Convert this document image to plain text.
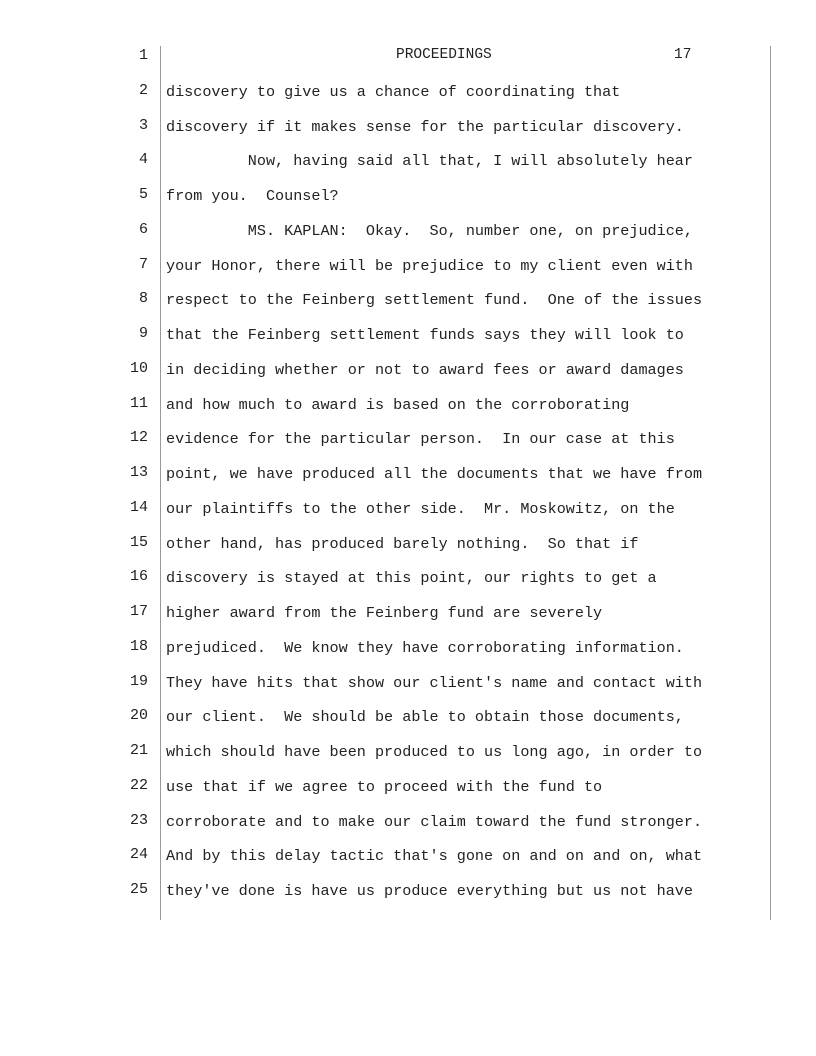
PROCEEDINGS	17
1
2 discovery to give us a chance of coordinating that
3 discovery if it makes sense for the particular discovery.
4 Now, having said all that, I will absolutely hear
5 from you.  Counsel?
6 MS. KAPLAN:  Okay.  So, number one, on prejudice,
7 your Honor, there will be prejudice to my client even with
8 respect to the Feinberg settlement fund.  One of the issues
9 that the Feinberg settlement funds says they will look to
10 in deciding whether or not to award fees or award damages
11 and how much to award is based on the corroborating
12 evidence for the particular person.  In our case at this
13 point, we have produced all the documents that we have from
14 our plaintiffs to the other side.  Mr. Moskowitz, on the
15 other hand, has produced barely nothing.  So that if
16 discovery is stayed at this point, our rights to get a
17 higher award from the Feinberg fund are severely
18 prejudiced.  We know they have corroborating information.
19 They have hits that show our client's name and contact with
20 our client.  We should be able to obtain those documents,
21 which should have been produced to us long ago, in order to
22 use that if we agree to proceed with the fund to
23 corroborate and to make our claim toward the fund stronger.
24 And by this delay tactic that's gone on and on and on, what
25 they've done is have us produce everything but us not have
